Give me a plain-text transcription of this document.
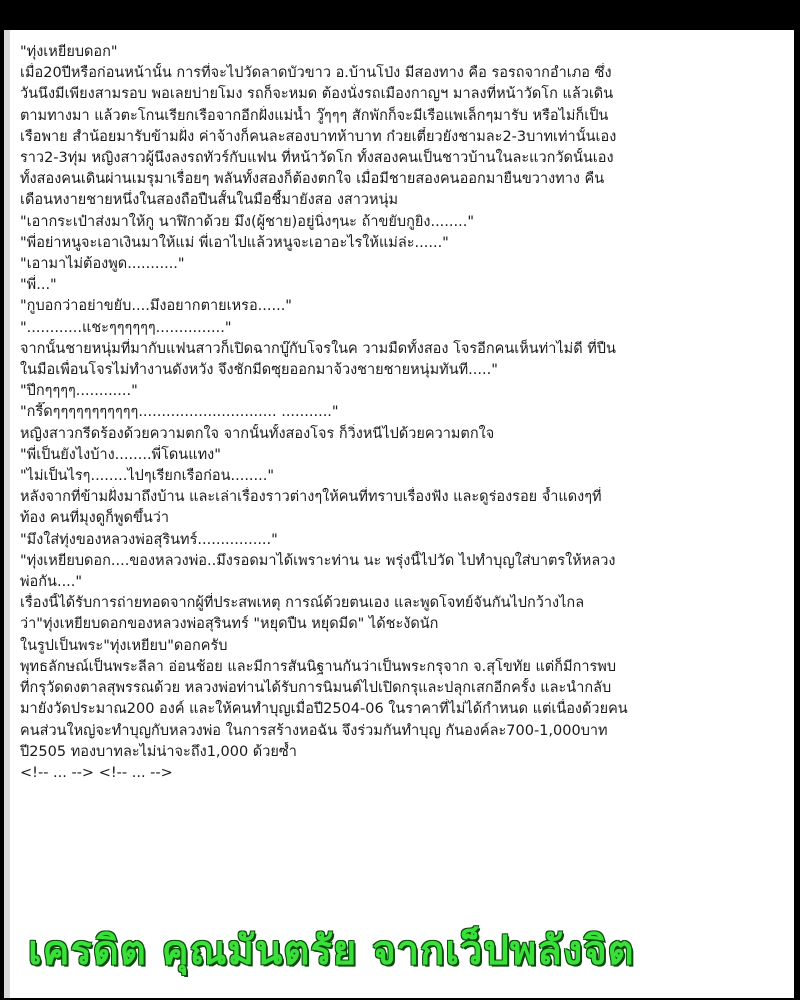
"ทุ่งเหยียบดอก"
เมื่อ20ปีหรือก่อนหน้านั้น การที่จะไปวัดลาดบัวขาว อ.บ้านโป่ง มีสองทาง คือ รอรถจากอำเภอ ซึ่ง
วันนึงมีเพียงสามรอบ พอเลยบ่ายโมง รถก็จะหมด ต้องนั่งรถเมืองกาญฯ มาลงที่หน้าวัดโก แล้วเดิน
ตามทางมา แล้วตะโกนเรียกเรือจากอีกฝั่งแม่น้ำ วู๊ๆๆๆ สักพักก็จะมีเรือแพเล็กๆมารับ หรือไม่ก็เป็น
เรือพาย สำน้อยมารับข้ามฝั่ง ค่าจ้างก็คนละสองบาทห้าบาท ก๋วยเตี๋ยวยังชามละ2-3บาทเท่านั้นเอง
ราว2-3ทุ่ม หญิงสาวผู้นึงลงรถทัวร์กับแฟน ที่หน้าวัดโก ทั้งสองคนเป็นชาวบ้านในละแวกวัดนั้นเอง
ทั้งสองคนเดินผ่านเมรุมาเรื่อยๆ พลันทั้งสองก็ต้องตกใจ เมื่อมีชายสองคนออกมายืนขวางทาง คืน
เดือนหงายชายหนึ่งในสองถือปืนสั้นในมือชี้มายังสอ งสาวหนุ่ม
"เอากระเป๋าส่งมาให้กู นาฬิกาด้วย มึง(ผู้ชาย)อยู่นิ่งๆนะ ถ้าขยับกูยิง........"
"พี่อย่าหนูจะเอาเงินมาให้แม่ พี่เอาไปแล้วหนูจะเอาอะไรให้แม่ล่ะ......"
"เอามาไม่ต้องพูด..........."
"พี่..."
"กูบอกว่าอย่าขยับ....มึงอยากตายเหรอ......"
"............แชะๆๆๆๆๆๆ..............."
จากนั้นชายหนุ่มที่มากับแฟนสาวก็เปิดฉากบู๊กับโจรในค วามมืดทั้งสอง โจรอีกคนเห็นท่าไม่ดี ที่ปืน
ในมือเพื่อนโจรไม่ทำงานดังหวัง จึงชักมีดซุยออกมาจ้วงชายชายหนุ่มทันที....."
"ปึกๆๆๆๆ............"
"กรี๊ดๆๆๆๆๆๆๆๆๆๆๆ.............................. ..........."
หญิงสาวกรีดร้องด้วยความตกใจ จากนั้นทั้งสองโจร ก็วิ่งหนีไปด้วยความตกใจ
"พี่เป็นยังไงบ้าง........พี่โดนแทง"
"ไม่เป็นไรๆ........ไปๆเรียกเรือก่อน........"
หลังจากที่ข้ามฝั่งมาถึงบ้าน และเล่าเรื่องราวต่างๆให้คนที่ทราบเรื่องฟัง และดูร่องรอย จ้ำแดงๆที่
ท้อง คนที่มุงดูก็พูดขึ้นว่า
"มึงใส่ทุ่งของหลวงพ่อสุรินทร์................"
"ทุ่งเหยียบดอก....ของหลวงพ่อ..มึงรอดมาได้เพราะท่าน นะ พรุ่งนี้ไปวัด ไปทำบุญใส่บาตรให้หลวง
พ่อกัน...."
เรื่องนี้ได้รับการถ่ายทอดจากผู้ที่ประสพเหตุ การณ์ด้วยตนเอง และพูดโจทย์จันกันไปกว้างไกล
ว่า"ทุ่งเหยียบดอกของหลวงพ่อสุรินทร์ "หยุดปืน หยุดมีด" ได้ชะงัดนัก
ในรูปเป็นพระ"ทุ่งเหยียบ"ดอกครับ
พุทธลักษณ์เป็นพระลีลา อ่อนช้อย และมีการสันนิฐานกันว่าเป็นพระกรุจาก จ.สุโขทัย แต่ก็มีการพบ
ที่กรุวัดดงตาลสุพรรณด้วย หลวงพ่อท่านได้รับการนิมนต์ไปเปิดกรุและปลุกเสกอีกครั้ง และนำกลับ
มายังวัดประมาณ200 องค์ และให้คนทำบุญเมื่อปี2504-06 ในราคาที่ไม่ได้กำหนด แต่เนื่องด้วยคน
คนส่วนใหญ่จะทำบุญกับหลวงพ่อ ในการสร้างหอฉัน จึงร่วมกันทำบุญ กันองค์ละ700-1,000บาท
ปี2505 ทองบาทละไม่น่าจะถึง1,000 ด้วยซ้ำ
<!-- ... --> <!-- ... -->
เครดิต คุณมันตรัย จากเว็ปพลังจิต
